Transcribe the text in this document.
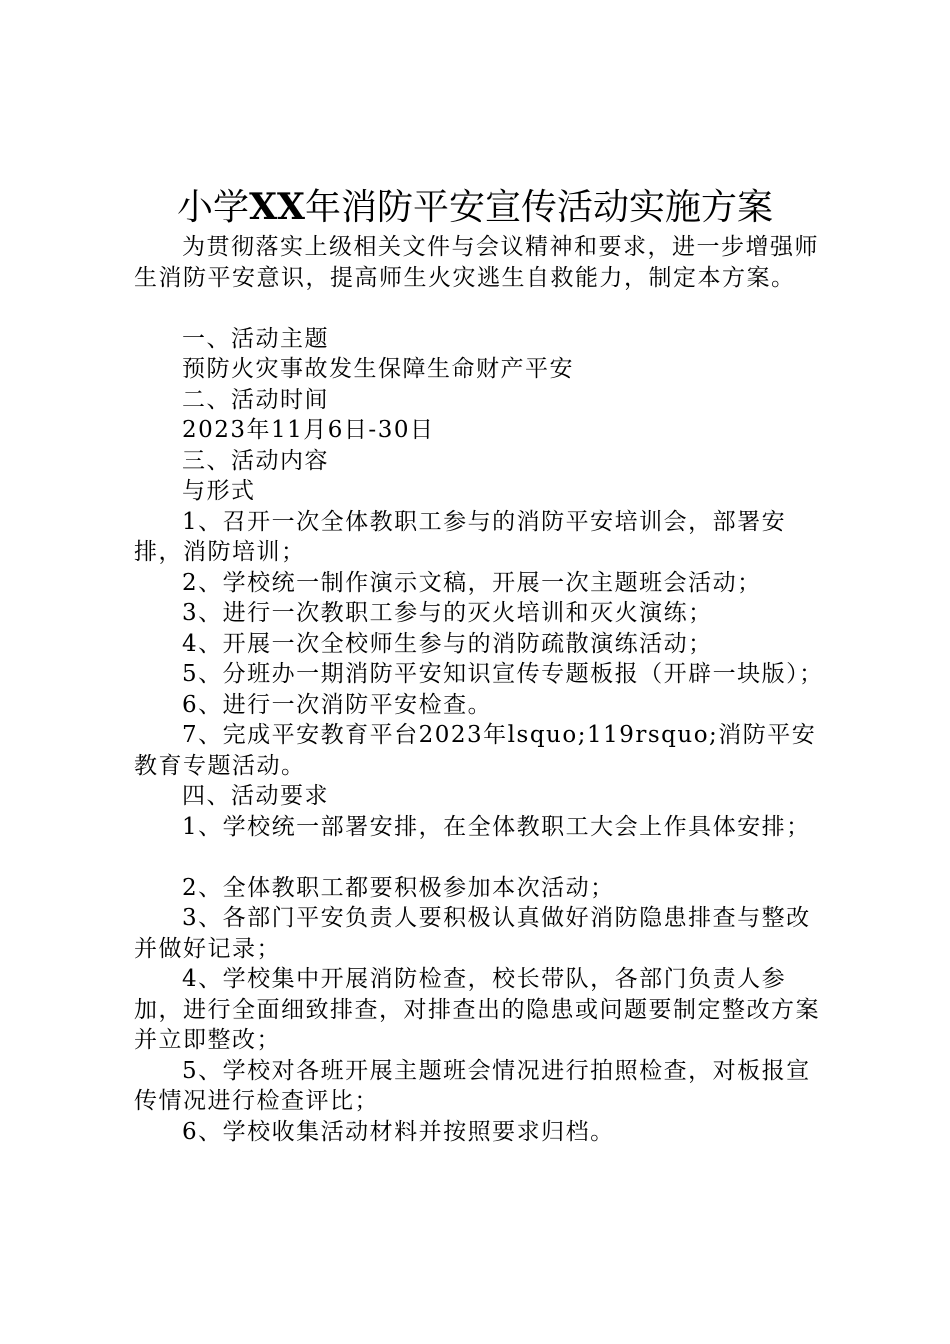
小学XX年消防平安宣传活动实施方案

为贯彻落实上级相关文件与会议精神和要求，进一步增强师生消防平安意识，提高师生火灾逃生自救能力，制定本方案。

一、活动主题

预防火灾事故发生保障生命财产平安

二、活动时间

2023年11月6日-30日

三、活动内容

与形式

1、召开一次全体教职工参与的消防平安培训会，部署安排，消防培训；

2、学校统一制作演示文稿，开展一次主题班会活动；

3、进行一次教职工参与的灭火培训和灭火演练；

4、开展一次全校师生参与的消防疏散演练活动；

5、分班办一期消防平安知识宣传专题板报（开辟一块版）；

6、进行一次消防平安检查。

7、完成平安教育平台2023年lsquo;119rsquo;消防平安教育专题活动。

四、活动要求

1、学校统一部署安排，在全体教职工大会上作具体安排；

2、全体教职工都要积极参加本次活动；

3、各部门平安负责人要积极认真做好消防隐患排查与整改并做好记录；

4、学校集中开展消防检查，校长带队，各部门负责人参加，进行全面细致排查，对排查出的隐患或问题要制定整改方案并立即整改；

5、学校对各班开展主题班会情况进行拍照检查，对板报宣传情况进行检查评比；

6、学校收集活动材料并按照要求归档。
